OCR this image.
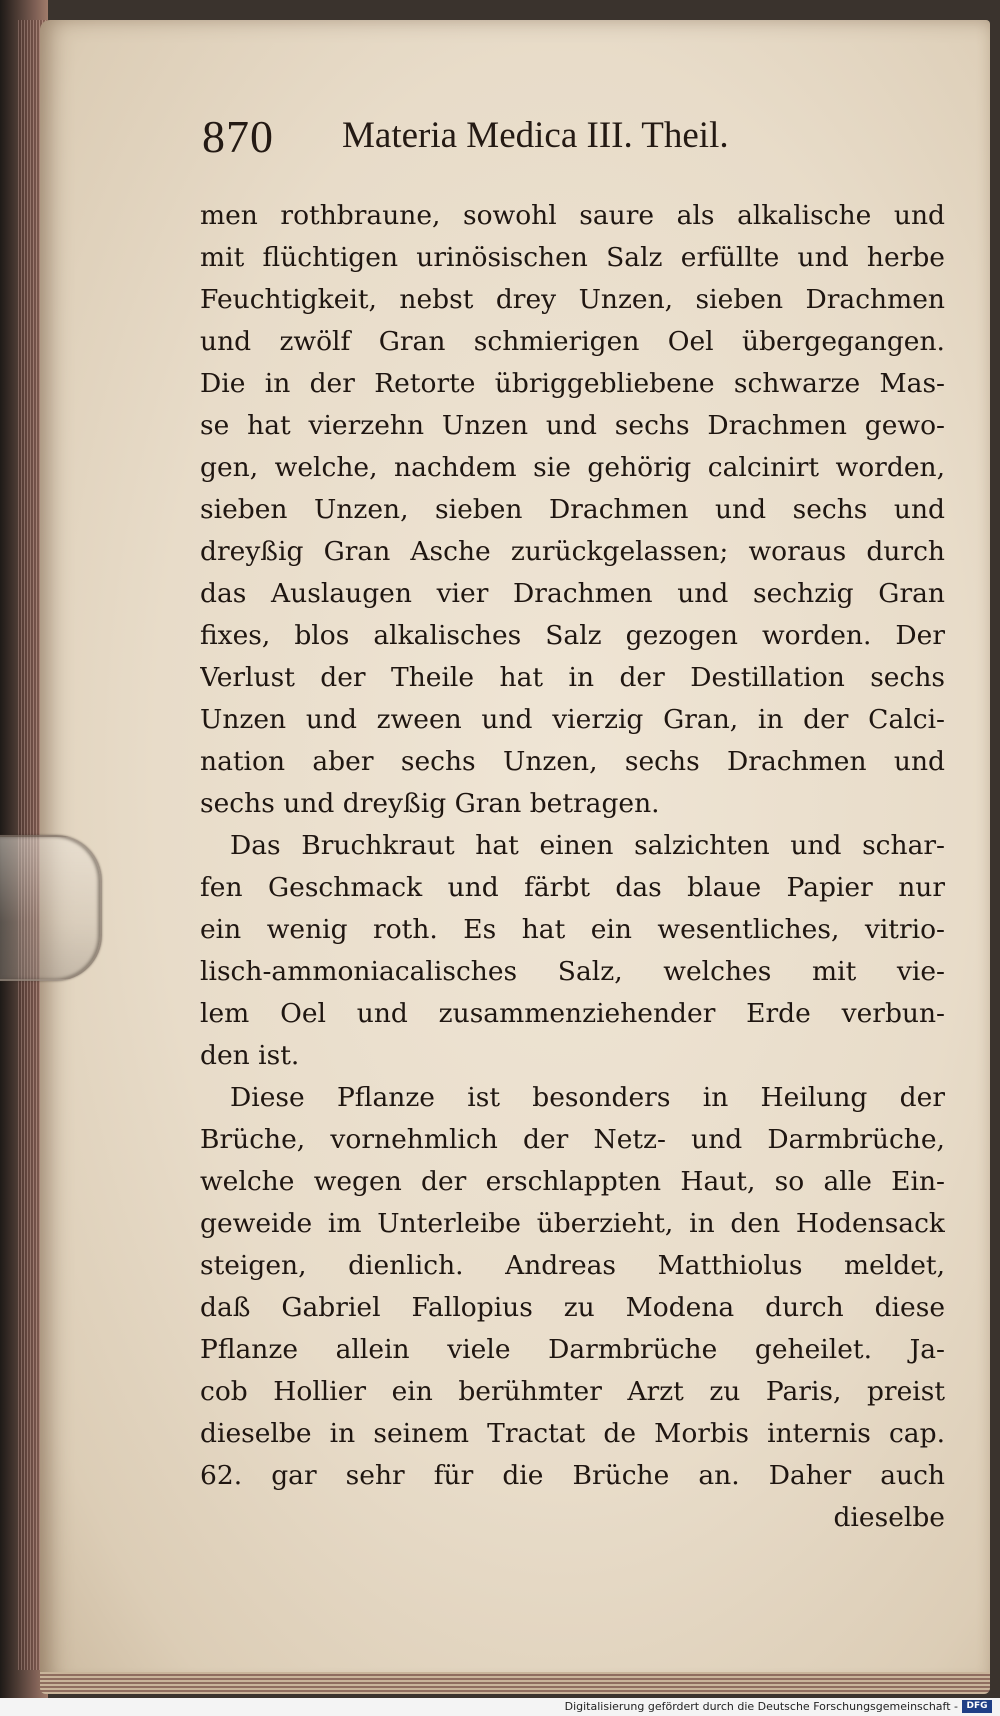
870 Materia Medica III. Theil.
men rothbraune, sowohl saure als alkalische und
mit flüchtigen urinösischen Salz erfüllte und herbe
Feuchtigkeit, nebst drey Unzen, sieben Drachmen
und zwölf Gran schmierigen Oel übergegangen.
Die in der Retorte übriggebliebene schwarze Mas-
se hat vierzehn Unzen und sechs Drachmen gewo-
gen, welche, nachdem sie gehörig calcinirt worden,
sieben Unzen, sieben Drachmen und sechs und
dreyßig Gran Asche zurückgelassen; woraus durch
das Auslaugen vier Drachmen und sechzig Gran
fixes, blos alkalisches Salz gezogen worden. Der
Verlust der Theile hat in der Destillation sechs
Unzen und zween und vierzig Gran, in der Calci-
nation aber sechs Unzen, sechs Drachmen und
sechs und dreyßig Gran betragen.
Das Bruchkraut hat einen salzichten und schar-
fen Geschmack und färbt das blaue Papier nur
ein wenig roth. Es hat ein wesentliches, vitrio-
lisch-ammoniacalisches Salz, welches mit vie-
lem Oel und zusammenziehender Erde verbun-
den ist.
Diese Pflanze ist besonders in Heilung der
Brüche, vornehmlich der Netz- und Darmbrüche,
welche wegen der erschlappten Haut, so alle Ein-
geweide im Unterleibe überzieht, in den Hodensack
steigen, dienlich. Andreas Matthiolus meldet,
daß Gabriel Fallopius zu Modena durch diese
Pflanze allein viele Darmbrüche geheilet. Ja-
cob Hollier ein berühmter Arzt zu Paris, preist
dieselbe in seinem Tractat de Morbis internis cap.
62. gar sehr für die Brüche an. Daher auch
dieselbe
Digitalisierung gefördert durch die Deutsche Forschungsgemeinschaft - DFG
